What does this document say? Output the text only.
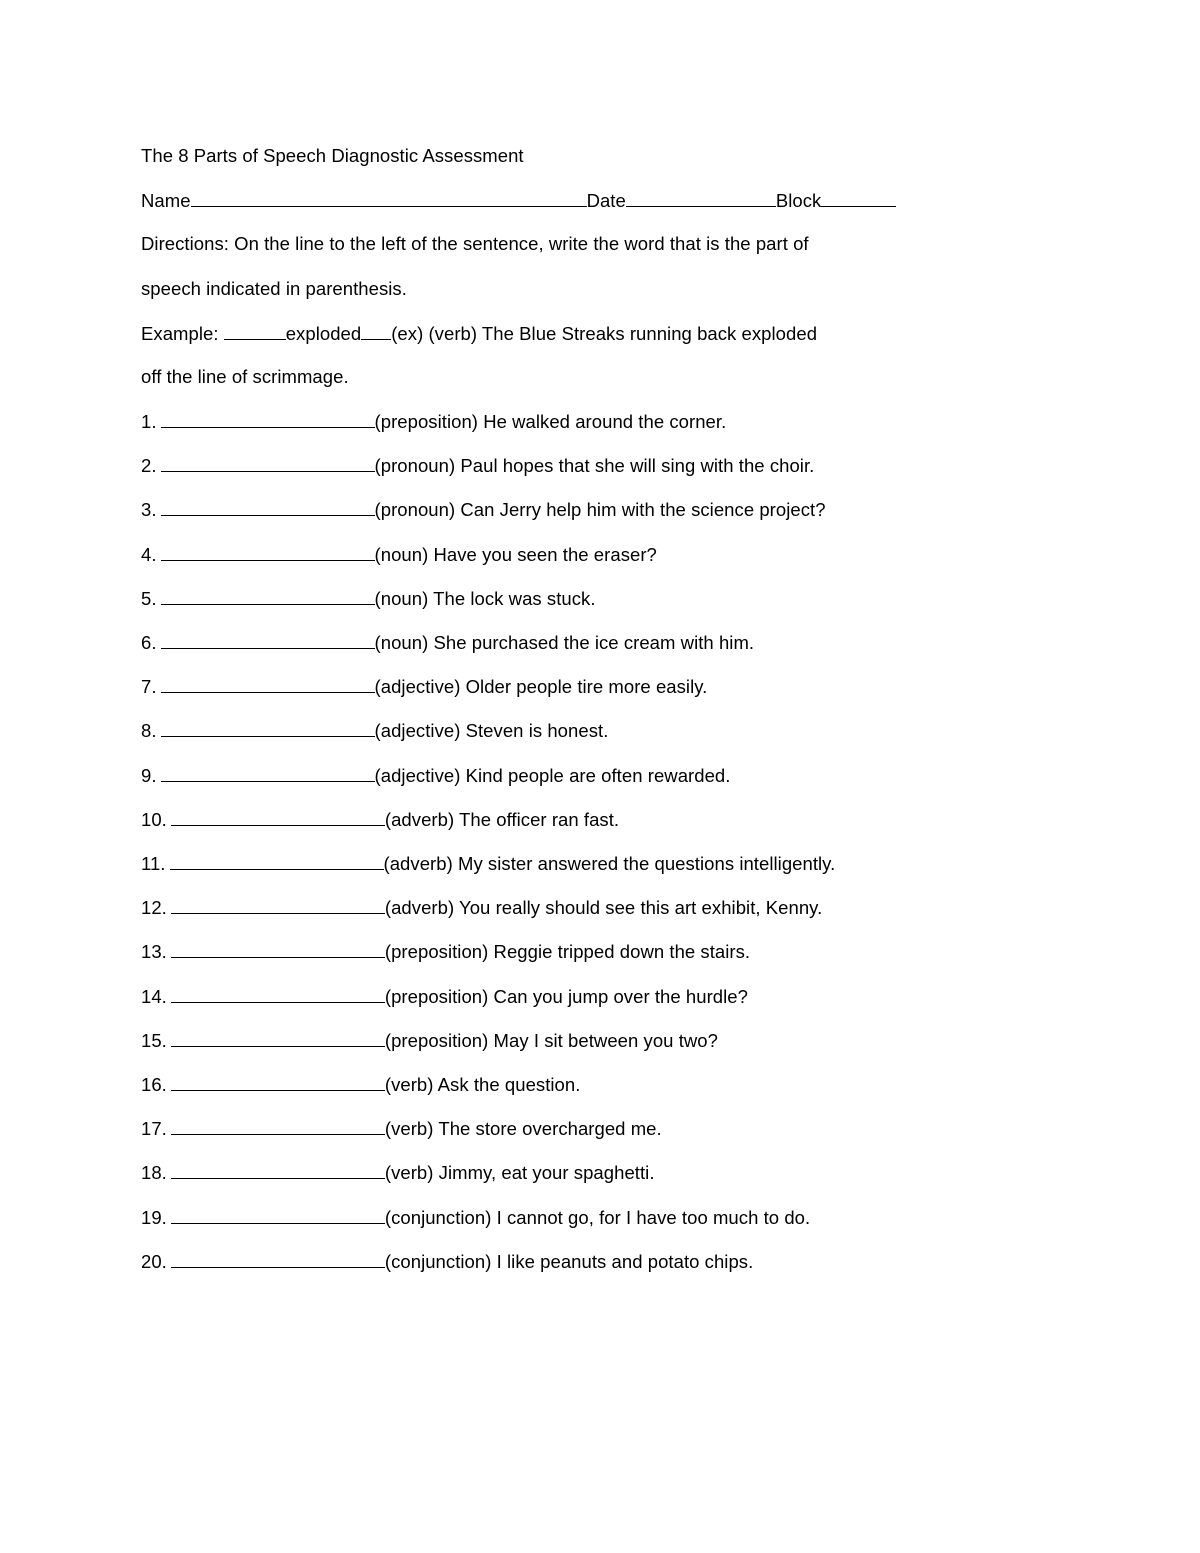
The 8 Parts of Speech Diagnostic Assessment
Name	Date	Block
Directions: On the line to the left of the sentence, write the word that is the part of
speech indicated in parenthesis.
Example:	exploded (ex) (verb) The Blue Streaks running back exploded
off the line of scrimmage.
1.	(preposition) He walked around the corner.
2.	(pronoun) Paul hopes that she will sing with the choir.
3.	(pronoun) Can Jerry help him with the science project?
4.	(noun) Have you seen the eraser?
5.	(noun) The lock was stuck.
6.	(noun) She purchased the ice cream with him.
7.	(adjective) Older people tire more easily.
8.	(adjective) Steven is honest.
9.	(adjective) Kind people are often rewarded.
10.	(adverb) The officer ran fast.
11.	(adverb) My sister answered the questions intelligently.
12.	(adverb) You really should see this art exhibit, Kenny.
13.	(preposition) Reggie tripped down the stairs.
14.	(preposition) Can you jump over the hurdle?
15.	(preposition) May I sit between you two?
16.	(verb) Ask the question.
17.	(verb) The store overcharged me.
18.	(verb) Jimmy, eat your spaghetti.
19.	(conjunction) I cannot go, for I have too much to do.
20.	(conjunction) I like peanuts and potato chips.
